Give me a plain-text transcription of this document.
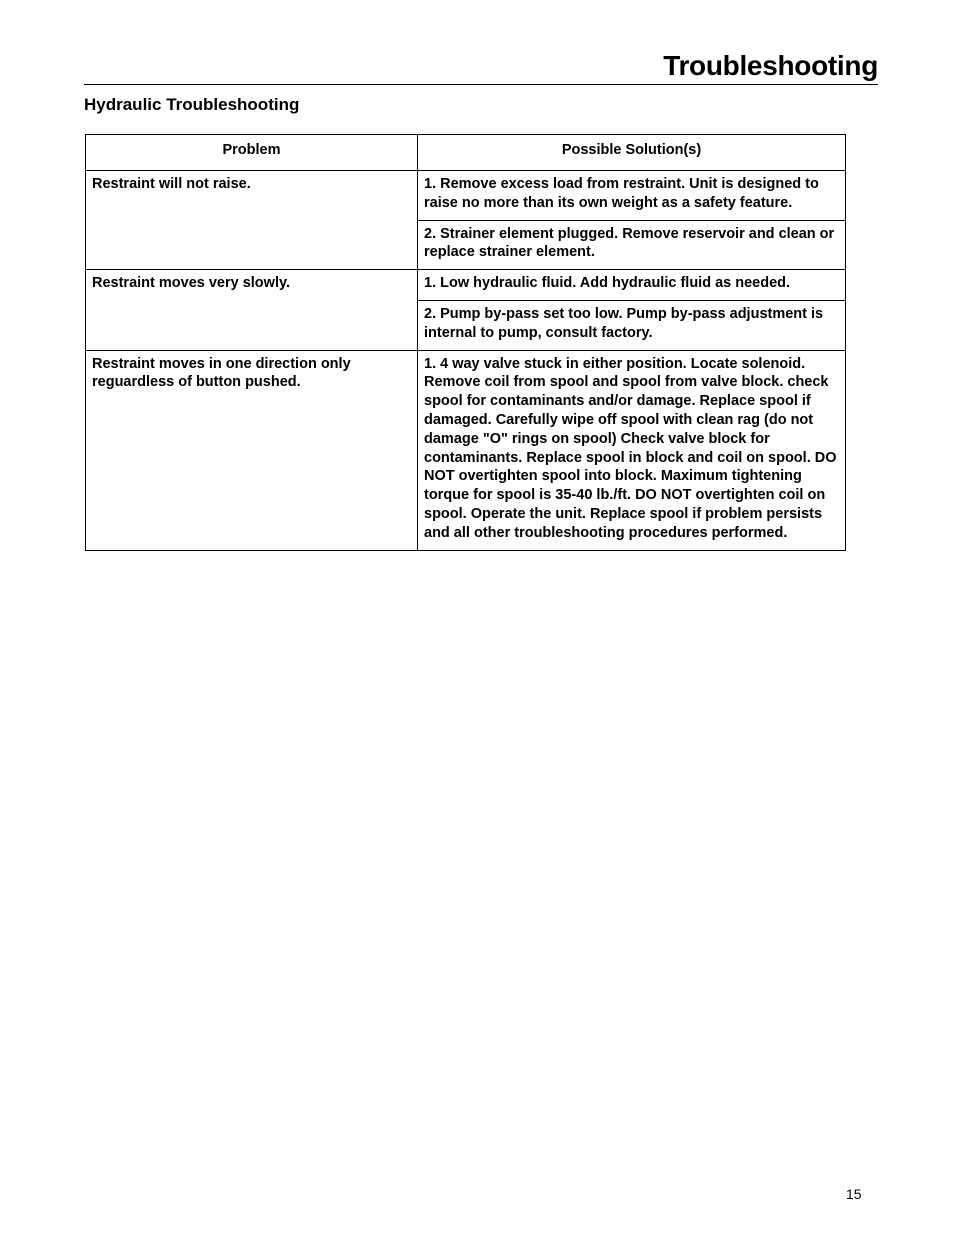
Troubleshooting
Hydraulic Troubleshooting
Problem	Possible Solution(s)
Restraint will not raise.	1. Remove excess load from restraint. Unit is designed to raise no more than its own weight as a safety feature.
	2. Strainer element plugged. Remove reservoir and clean or replace strainer element.
Restraint moves very slowly.	1. Low hydraulic fluid. Add hydraulic fluid as needed.
	2. Pump by-pass set too low. Pump by-pass adjustment is internal to pump, consult factory.
Restraint moves in one direction only reguardless of button pushed.	1. 4 way valve stuck in either position. Locate solenoid. Remove coil from spool and spool from valve block. check spool for contaminants and/or damage. Replace spool if damaged. Carefully wipe off spool with clean rag (do not damage "O" rings on spool) Check valve block for contaminants. Replace spool in block and coil on spool. DO NOT overtighten spool into block. Maximum tightening torque for spool is 35-40 lb./ft. DO NOT overtighten coil on spool. Operate the unit. Replace spool if problem persists and all other troubleshooting procedures performed.
15
